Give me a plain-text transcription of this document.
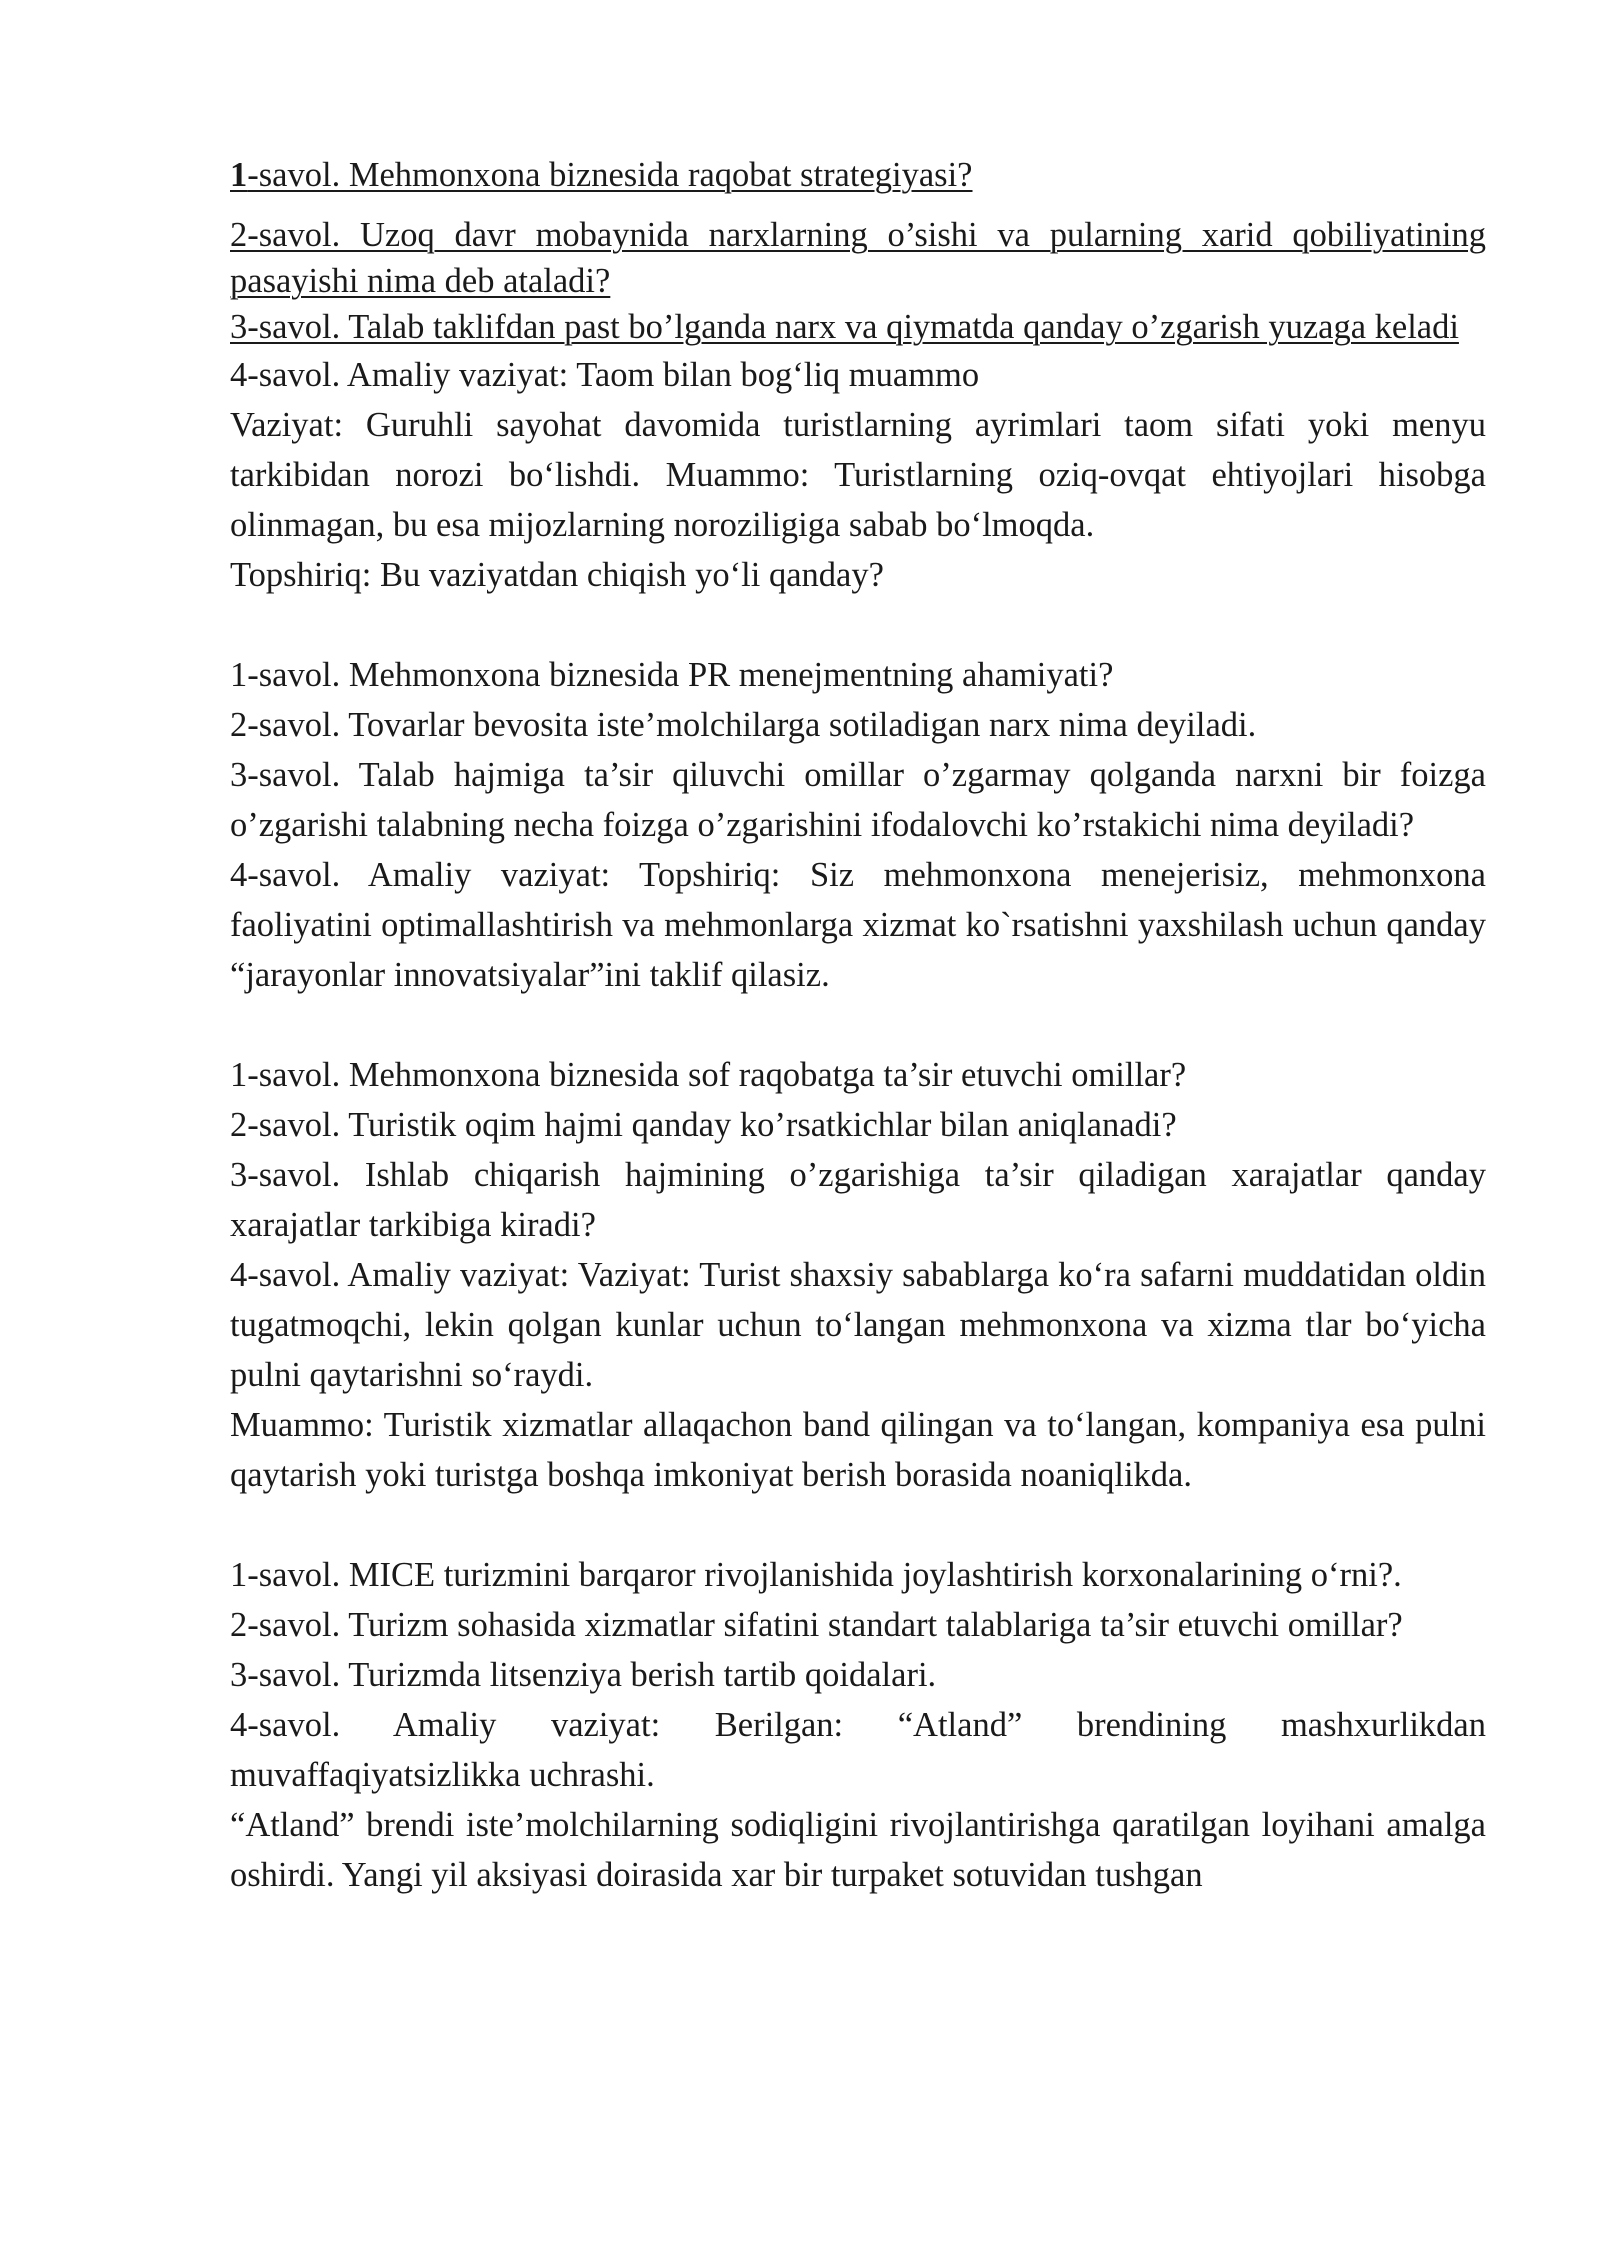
1-savol. Mehmonxona biznesida raqobat strategiyasi?

2-savol. Uzoq davr mobaynida narxlarning o’sishi va pularning xarid qobiliyatining pasayishi nima deb ataladi?

3-savol. Talab taklifdan past bo’lganda narx va qiymatda qanday o’zgarish yuzaga keladi

4-savol. Amaliy vaziyat: Taom bilan bog‘liq muammo

Vaziyat: Guruhli sayohat davomida turistlarning ayrimlari taom sifati yoki menyu tarkibidan norozi bo‘lishdi. Muammo: Turistlarning oziq-ovqat ehtiyojlari hisobga olinmagan, bu esa mijozlarning noroziligiga sabab bo‘lmoqda.

Topshiriq: Bu vaziyatdan chiqish yo‘li qanday?

1-savol. Mehmonxona biznesida PR menejmentning ahamiyati?

2-savol. Tovarlar bevosita iste’molchilarga sotiladigan narx nima deyiladi.

3-savol. Talab hajmiga ta’sir qiluvchi omillar o’zgarmay qolganda narxni bir foizga o’zgarishi talabning necha foizga o’zgarishini ifodalovchi ko’rstakichi nima deyiladi?

4-savol. Amaliy vaziyat: Topshiriq: Siz mehmonxona menejerisiz, mehmonxona faoliyatini optimallashtirish va mehmonlarga xizmat ko`rsatishni yaxshilash uchun qanday “jarayonlar innovatsiyalar”ini taklif qilasiz.

1-savol. Mehmonxona biznesida sof raqobatga ta’sir etuvchi omillar?

2-savol. Turistik oqim hajmi qanday ko’rsatkichlar bilan aniqlanadi?

3-savol. Ishlab chiqarish hajmining o’zgarishiga ta’sir qiladigan xarajatlar qanday xarajatlar tarkibiga kiradi?

4-savol. Amaliy vaziyat: Vaziyat: Turist shaxsiy sabablarga ko‘ra safarni muddatidan oldin tugatmoqchi, lekin qolgan kunlar uchun to‘langan mehmonxona va xizma tlar bo‘yicha pulni qaytarishni so‘raydi.

Muammo: Turistik xizmatlar allaqachon band qilingan va to‘langan, kompaniya esa pulni qaytarish yoki turistga boshqa imkoniyat berish borasida noaniqlikda.

1-savol. MICE turizmini barqaror rivojlanishida joylashtirish korxonalarining o‘rni?.

2-savol. Turizm sohasida xizmatlar sifatini standart talablariga ta’sir etuvchi omillar?

3-savol. Turizmda litsenziya berish tartib qoidalari.

4-savol. Amaliy vaziyat: Berilgan: “Atland” brendining mashxurlikdan muvaffaqiyatsizlikka uchrashi.

“Atland” brendi iste’molchilarning sodiqligini rivojlantirishga qaratilgan loyihani amalga oshirdi. Yangi yil aksiyasi doirasida xar bir turpaket sotuvidan tushgan
